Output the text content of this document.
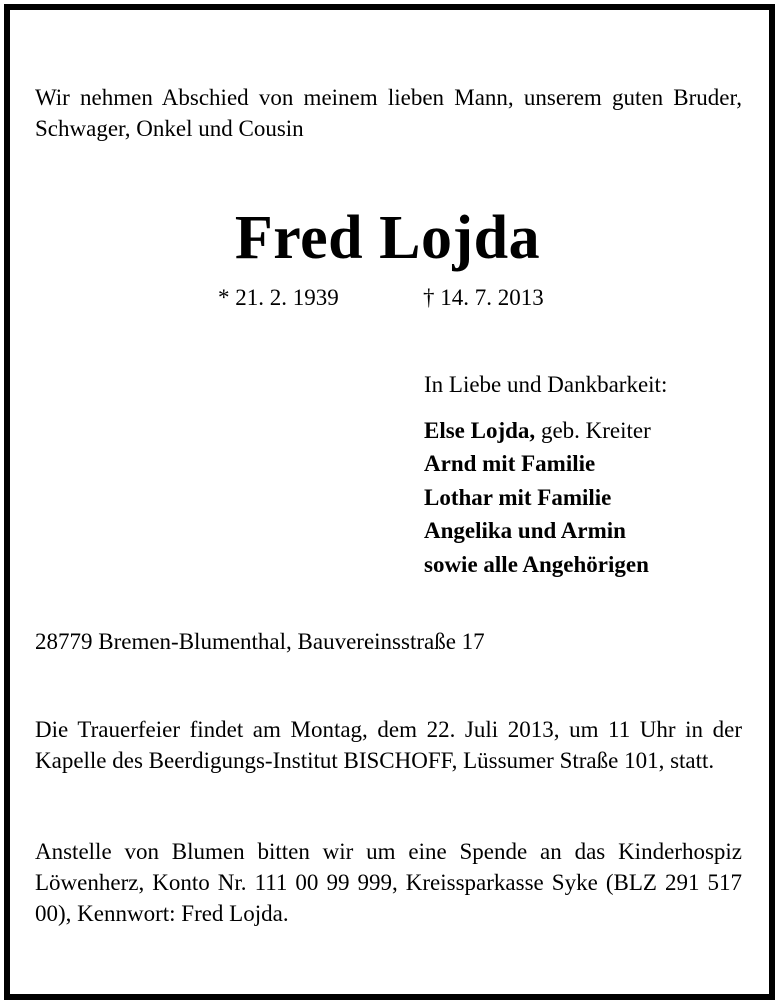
Wir nehmen Abschied von meinem lieben Mann, unserem guten Bruder, Schwager, Onkel und Cousin
Fred Lojda
* 21. 2. 1939	† 14. 7. 2013
In Liebe und Dankbarkeit:
Else Lojda, geb. Kreiter
Arnd mit Familie
Lothar mit Familie
Angelika und Armin
sowie alle Angehörigen
28779 Bremen-Blumenthal, Bauvereinsstraße 17
Die Trauerfeier findet am Montag, dem 22. Juli 2013, um 11 Uhr in der Kapelle des Beerdigungs-Institut BISCHOFF, Lüssumer Straße 101, statt.
Anstelle von Blumen bitten wir um eine Spende an das Kinderhospiz Löwenherz, Konto Nr. 111 00 99 999, Kreissparkasse Syke (BLZ 291 517 00), Kennwort: Fred Lojda.
